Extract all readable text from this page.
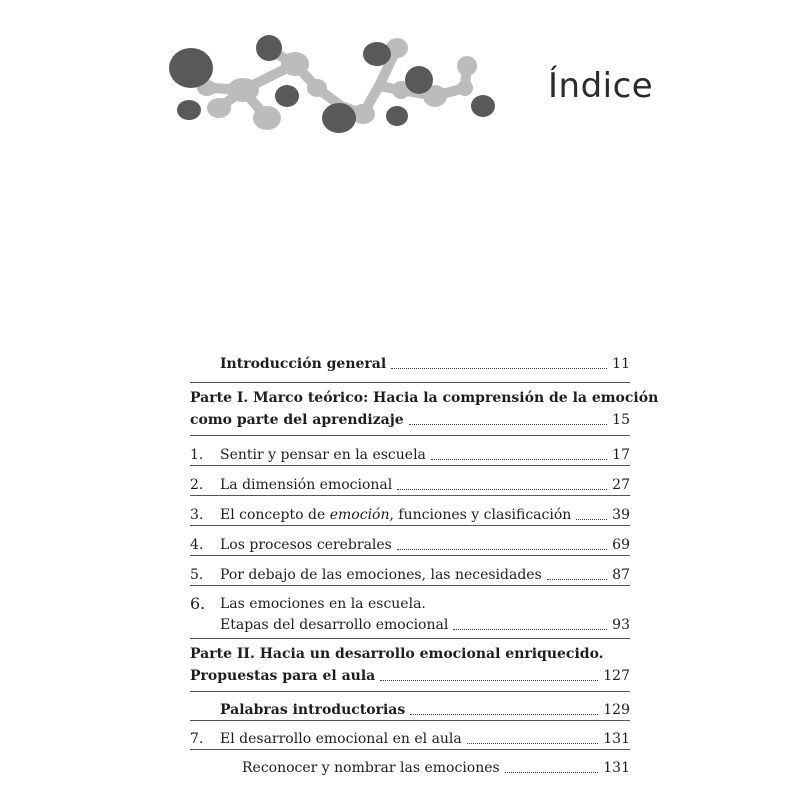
Índice
Introducción general	11
Parte I. Marco teórico: Hacia la comprensión de la emoción
como parte del aprendizaje	15
1.	Sentir y pensar en la escuela	17
2.	La dimensión emocional	27
3.	El concepto de emoción, funciones y clasificación	39
4.	Los procesos cerebrales	69
5.	Por debajo de las emociones, las necesidades	87
6.	Las emociones en la escuela.
Etapas del desarrollo emocional	93
Parte II. Hacia un desarrollo emocional enriquecido.
Propuestas para el aula	127
Palabras introductorias	129
7.	El desarrollo emocional en el aula	131
Reconocer y nombrar las emociones	131
